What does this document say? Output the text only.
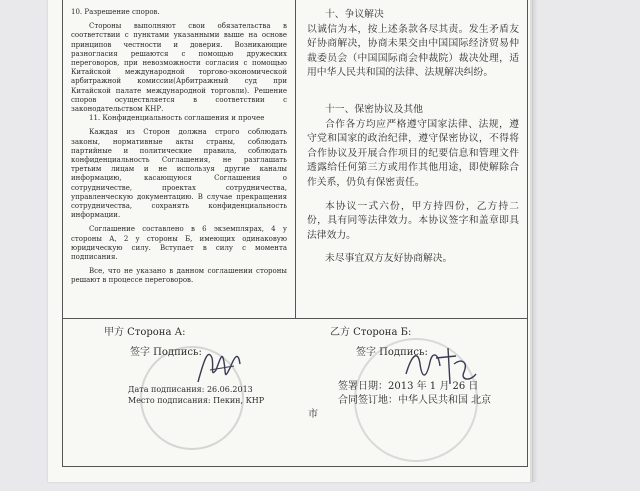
10. Разрешение споров.

Стороны выполняют свои обязательства в соответствии с пунктами указанными выше на основе принципов честности и доверия. Возникающие разногласия решаются с помощью дружеских переговоров, при невозможности согласия с помощью Китайской международной торгово-экономической арбитражной комиссии(Арбитражный суд при Китайской палате международной торговли). Решение споров осуществляется в соответствии с законодательством КНР.

11. Конфиденциальность соглашения и прочее

Каждая из Сторон должна строго соблюдать законы, нормативные акты страны, соблюдать партийные и политические правила, соблюдать конфиденциальность Соглашения, не разглашать третьим лицам и не используя другие каналы информацию, касающуюся Соглашения о сотрудничестве, проектах сотрудничества, управленческую документацию. В случае прекращения сотрудничества, сохранять конфиденциальность информации.

Соглашение составлено в 6 экземплярах, 4 у стороны А, 2 у стороны Б, имеющих одинаковую юридическую силу. Вступает в силу с момента подписания.

Все, что не указано в данном соглашении стороны решают в процессе переговоров.

十、争议解决

以诚信为本，按上述条款各尽其责。发生矛盾友好协商解决，协商未果交由中国国际经济贸易仲裁委员会（中国国际商会仲裁院）裁决处理，适用中华人民共和国的法律、法规解决纠纷。

十一、保密协议及其他

合作各方均应严格遵守国家法律、法规，遵守党和国家的政治纪律，遵守保密协议，不得将合作协议及开展合作项目的纪要信息和管理文件透露给任何第三方或用作其他用途，即使解除合作关系，仍负有保密责任。

本协议一式六份，甲方持四份，乙方持二份，具有同等法律效力。本协议签字和盖章即具法律效力。

未尽事宜双方友好协商解决。

甲方 Сторона А:
签字 Подпись:
Дата подписания: 26.06.2013
Место подписания: Пекин, КНР
乙方 Сторона Б:
签字 Подпись:
签署日期：2013 年 1 月 26 日
合同签订地：中华人民共和国 北京
市
